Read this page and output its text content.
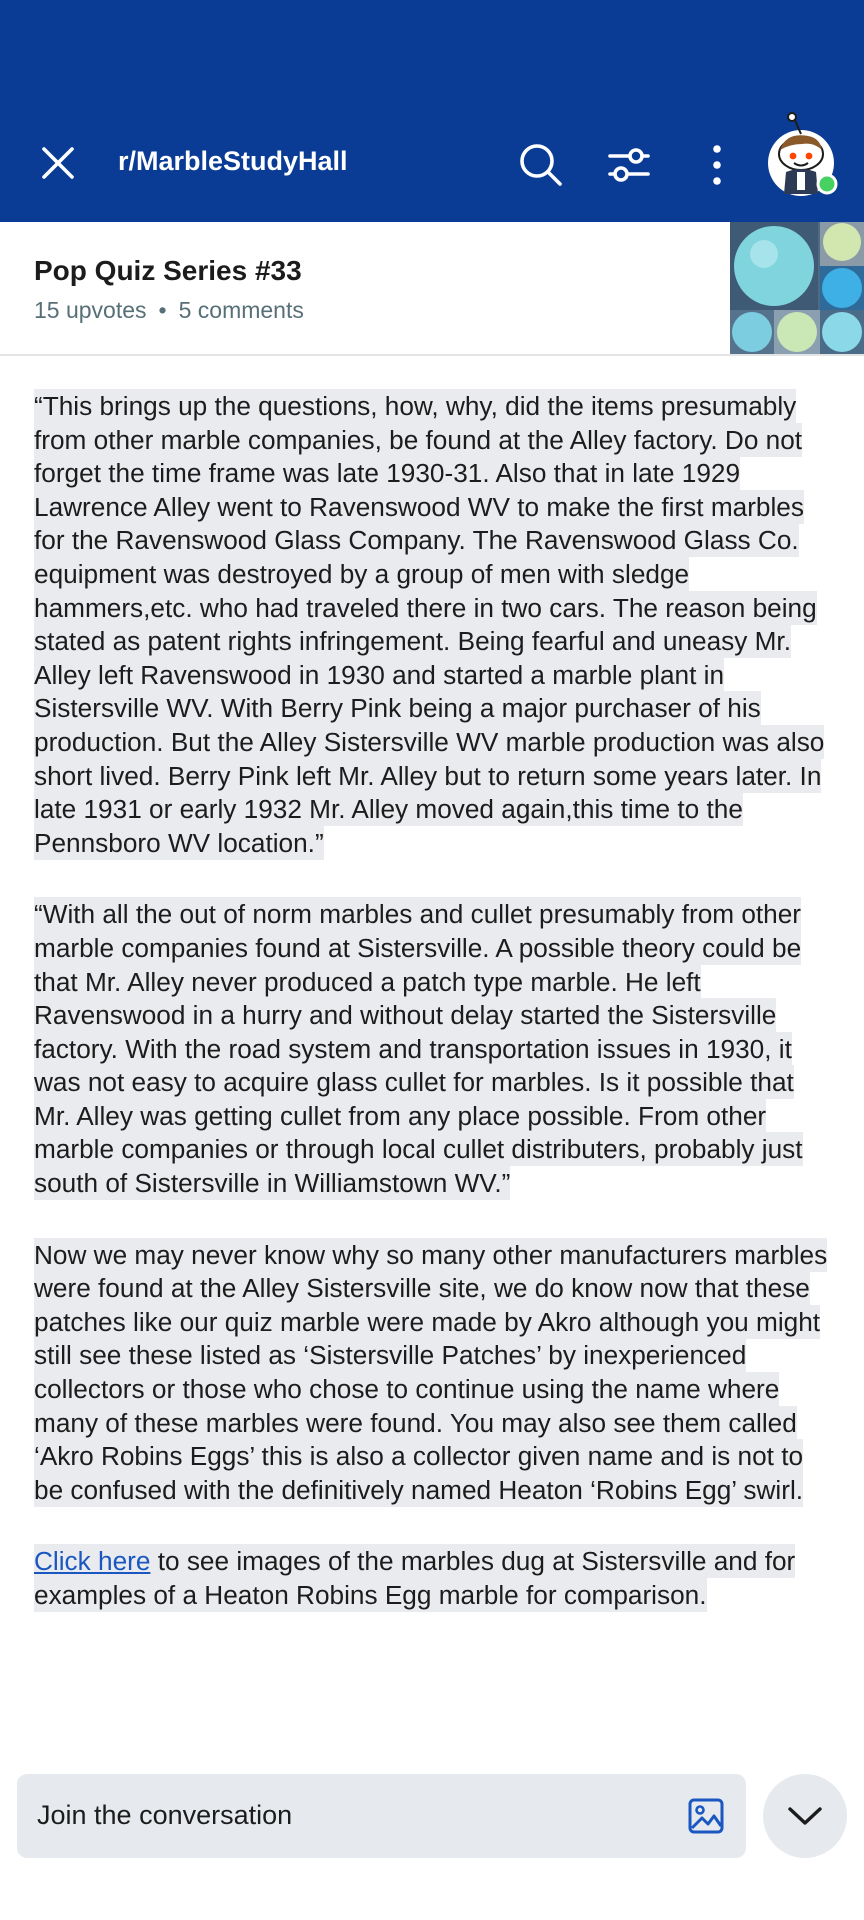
r/MarbleStudyHall
Pop Quiz Series #33
15 upvotes • 5 comments

“This brings up the questions, how, why, did the items presumably from other marble companies, be found at the Alley factory. Do not forget the time frame was late 1930-31. Also that in late 1929 Lawrence Alley went to Ravenswood WV to make the first marbles for the Ravenswood Glass Company. The Ravenswood Glass Co. equipment was destroyed by a group of men with sledge hammers,etc. who had traveled there in two cars. The reason being stated as patent rights infringement. Being fearful and uneasy Mr. Alley left Ravenswood in 1930 and started a marble plant in Sistersville WV. With Berry Pink being a major purchaser of his production. But the Alley Sistersville WV marble production was also short lived. Berry Pink left Mr. Alley but to return some years later. In late 1931 or early 1932 Mr. Alley moved again,this time to the Pennsboro WV location.”

“With all the out of norm marbles and cullet presumably from other marble companies found at Sistersville. A possible theory could be that Mr. Alley never produced a patch type marble. He left Ravenswood in a hurry and without delay started the Sistersville factory. With the road system and transportation issues in 1930, it was not easy to acquire glass cullet for marbles. Is it possible that Mr. Alley was getting cullet from any place possible. From other marble companies or through local cullet distributers, probably just south of Sistersville in Williamstown WV.”

Now we may never know why so many other manufacturers marbles were found at the Alley Sistersville site, we do know now that these patches like our quiz marble were made by Akro although you might still see these listed as ‘Sistersville Patches’ by inexperienced collectors or those who chose to continue using the name where many of these marbles were found. You may also see them called ‘Akro Robins Eggs’ this is also a collector given name and is not to be confused with the definitively named Heaton ‘Robins Egg’ swirl.

Click here to see images of the marbles dug at Sistersville and for examples of a Heaton Robins Egg marble for comparison.

Join the conversation
